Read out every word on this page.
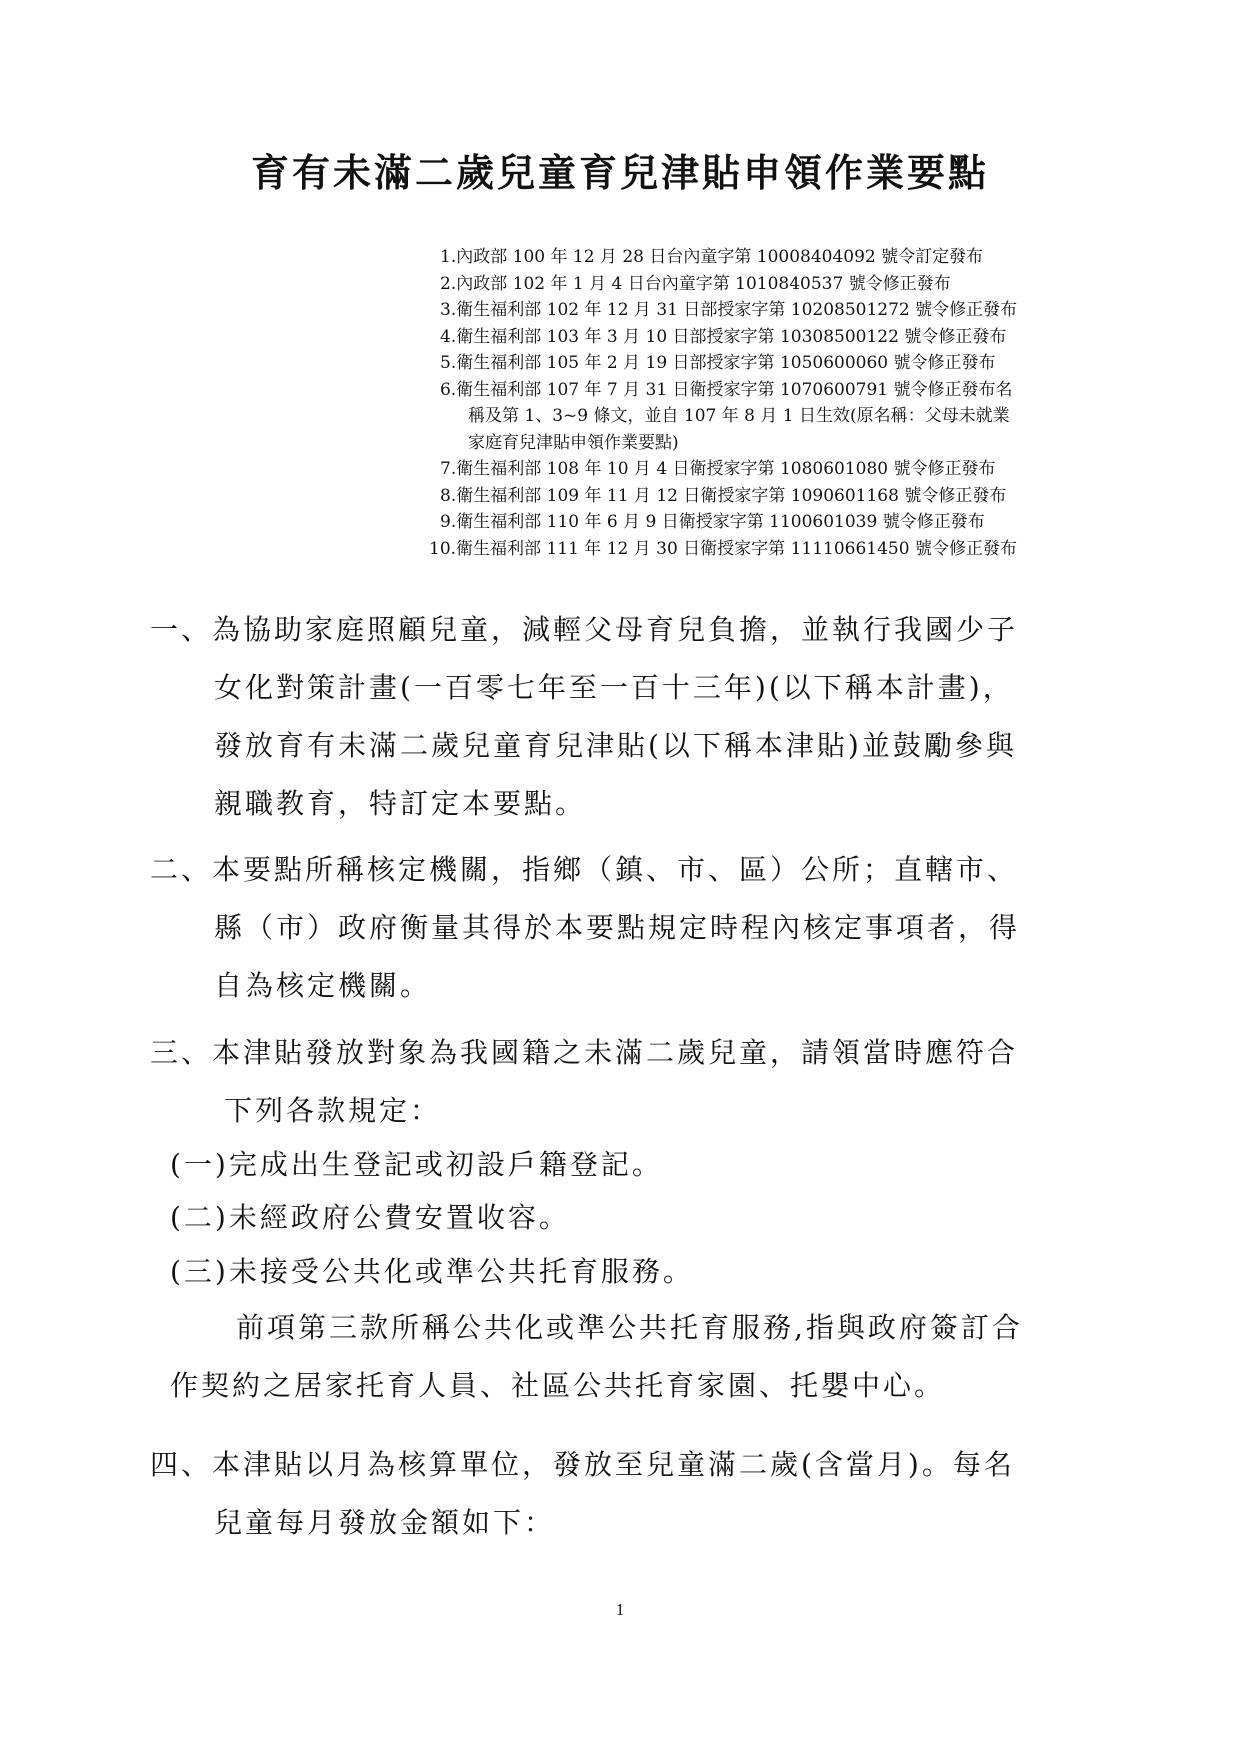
育有未滿二歲兒童育兒津貼申領作業要點
1.內政部 100 年 12 月 28 日台內童字第 10008404092 號令訂定發布
2.內政部 102 年 1 月 4 日台內童字第 1010840537 號令修正發布
3.衛生福利部 102 年 12 月 31 日部授家字第 10208501272 號令修正發布
4.衛生福利部 103 年 3 月 10 日部授家字第 10308500122 號令修正發布
5.衛生福利部 105 年 2 月 19 日部授家字第 1050600060 號令修正發布
6.衛生福利部 107 年 7 月 31 日衛授家字第 1070600791 號令修正發布名
稱及第 1、3~9 條文，並自 107 年 8 月 1 日生效(原名稱：父母未就業
家庭育兒津貼申領作業要點)
7.衛生福利部 108 年 10 月 4 日衛授家字第 1080601080 號令修正發布
8.衛生福利部 109 年 11 月 12 日衛授家字第 1090601168 號令修正發布
9.衛生福利部 110 年 6 月 9 日衛授家字第 1100601039 號令修正發布
10.衛生福利部 111 年 12 月 30 日衛授家字第 11110661450 號令修正發布
一、為協助家庭照顧兒童，減輕父母育兒負擔，並執行我國少子
女化對策計畫(一百零七年至一百十三年)(以下稱本計畫)，
發放育有未滿二歲兒童育兒津貼(以下稱本津貼)並鼓勵參與
親職教育，特訂定本要點。
二、本要點所稱核定機關，指鄉（鎮、市、區）公所；直轄市、
縣（市）政府衡量其得於本要點規定時程內核定事項者，得
自為核定機關。
三、本津貼發放對象為我國籍之未滿二歲兒童，請領當時應符合
下列各款規定：

(一)完成出生登記或初設戶籍登記。

(二)未經政府公費安置收容。

(三)未接受公共化或準公共托育服務。

前項第三款所稱公共化或準公共托育服務,指與政府簽訂合
作契約之居家托育人員、社區公共托育家園、托嬰中心。
四、本津貼以月為核算單位，發放至兒童滿二歲(含當月)。每名
兒童每月發放金額如下：

1
